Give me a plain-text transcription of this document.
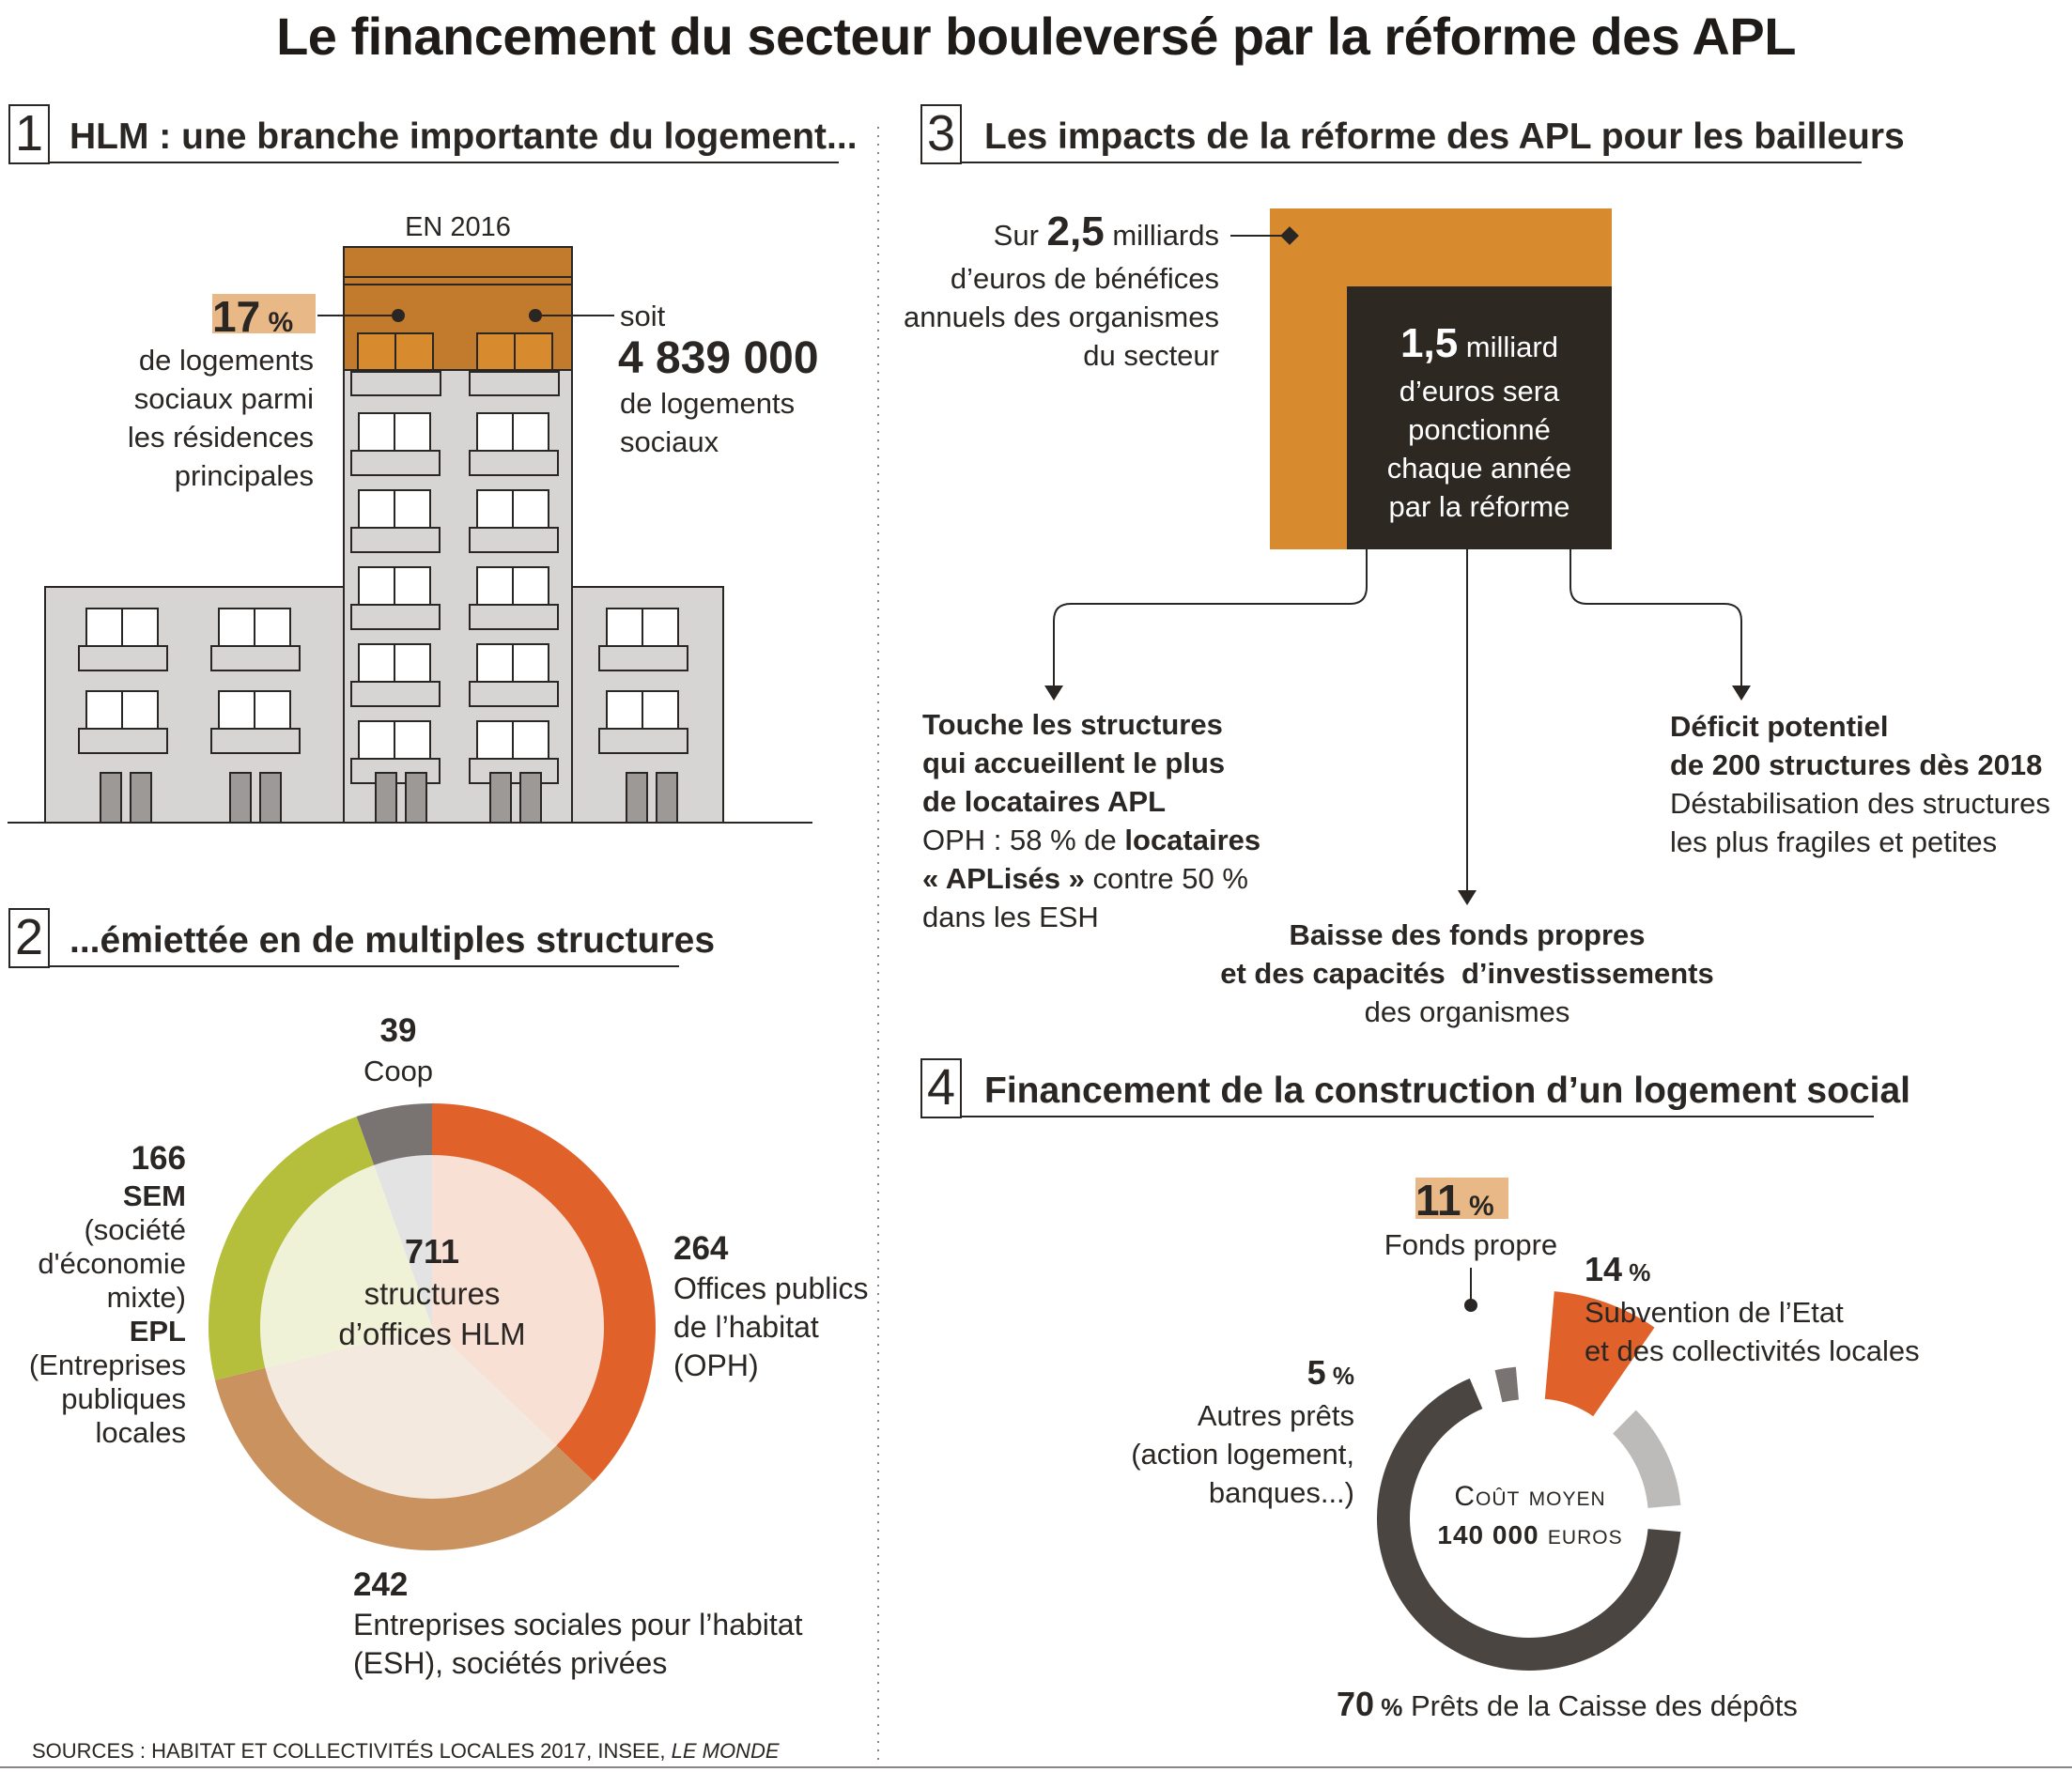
Le financement du secteur bouleversé par la réforme des APL
1 HLM : une branche importante du logement...
EN 2016
17 %
de logements
sociaux parmi
les résidences
principales
soit
4 839 000
de logements
sociaux
2 ...émiettée en de multiples structures
711
structures
d’offices HLM
39
Coop
166
SEM
(société
d'économie
mixte)
EPL
(Entreprises
publiques
locales
264
Offices publics
de l’habitat
(OPH)
242
Entreprises sociales pour l’habitat
(ESH), sociétés privées
SOURCES : HABITAT ET COLLECTIVITÉS LOCALES 2017, INSEE, LE MONDE
3 Les impacts de la réforme des APL pour les bailleurs
Sur 2,5 milliards
d’euros de bénéfices
annuels des organismes
du secteur	1,5 milliard
d’euros sera
ponctionné
chaque année
par la réforme
Touche les structures
qui accueillent le plus
de locataires APL
OPH : 58 % de locataires
« APLisés » contre 50 %
dans les ESH
Déficit potentiel
de 200 structures dès 2018
Déstabilisation des structures
les plus fragiles et petites
Baisse des fonds propres
et des capacités  d’investissements
des organismes
4 Financement de la construction d’un logement social
11 %
Fonds propre
14 %
Subvention de l’Etat
et des collectivités locales
5 %
Autres prêts
(action logement,
banques...)	Coût moyen
140 000 euros
70 % Prêts de la Caisse des dépôts
